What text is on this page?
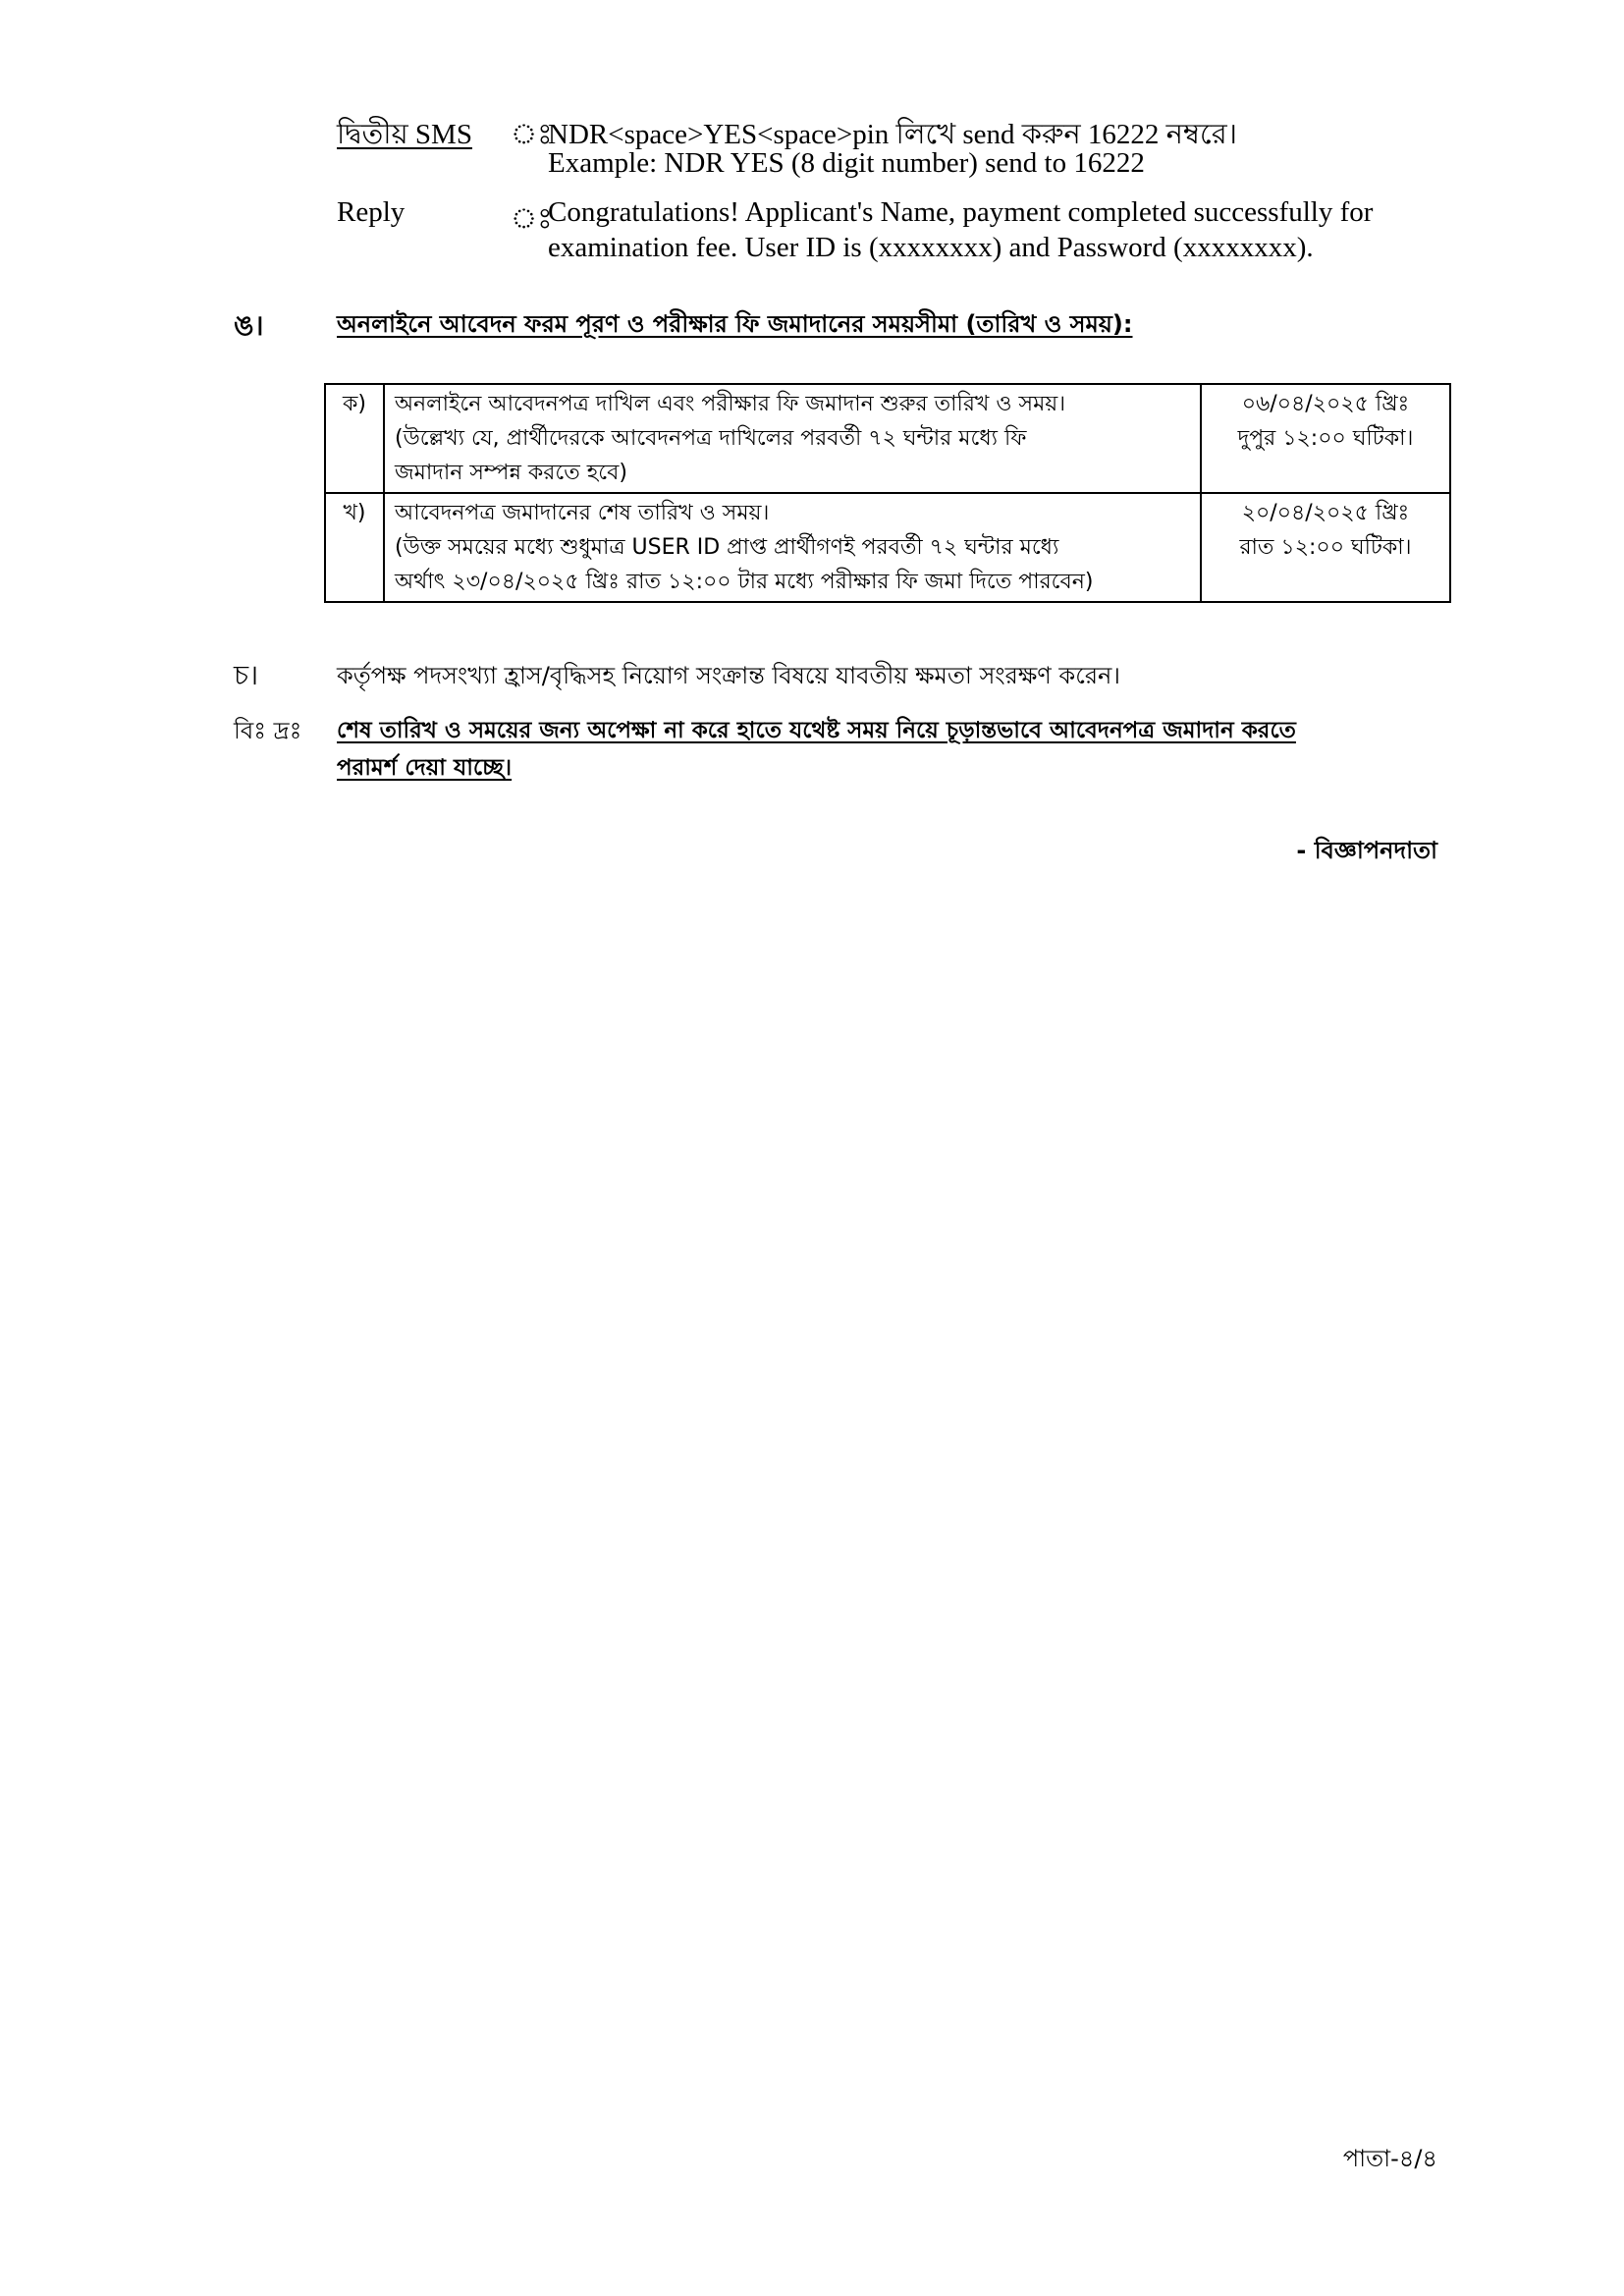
দ্বিতীয় SMS ঃ
NDR<space>YES<space>pin লিখে send করুন 16222 নম্বরে।
Example: NDR YES (8 digit number) send to 16222
Reply	ঃ
Congratulations! Applicant's Name, payment completed successfully for
examination fee. User ID is (xxxxxxxx) and Password (xxxxxxxx).
ঙ।	অনলাইনে আবেদন ফরম পূরণ ও পরীক্ষার ফি জমাদানের সময়সীমা (তারিখ ও সময়):
ক)	অনলাইনে আবেদনপত্র দাখিল এবং পরীক্ষার ফি জমাদান শুরুর তারিখ ও সময়।
(উল্লেখ্য যে, প্রার্থীদেরকে আবেদনপত্র দাখিলের পরবর্তী ৭২ ঘন্টার মধ্যে ফি
জমাদান সম্পন্ন করতে হবে)	০৬/০৪/২০২৫ খ্রিঃ
দুপুর ১২:০০ ঘটিকা।

খ)	আবেদনপত্র জমাদানের শেষ তারিখ ও সময়।
(উক্ত সময়ের মধ্যে শুধুমাত্র USER ID প্রাপ্ত প্রার্থীগণই পরবর্তী ৭২ ঘন্টার মধ্যে
অর্থাৎ ২৩/০৪/২০২৫ খ্রিঃ রাত ১২:০০ টার মধ্যে পরীক্ষার ফি জমা দিতে পারবেন)	২০/০৪/২০২৫ খ্রিঃ
রাত ১২:০০ ঘটিকা।
চ।	কর্তৃপক্ষ পদসংখ্যা হ্রাস/বৃদ্ধিসহ নিয়োগ সংক্রান্ত বিষয়ে যাবতীয় ক্ষমতা সংরক্ষণ করেন।
বিঃ দ্রঃ শেষ তারিখ ও সময়ের জন্য অপেক্ষা না করে হাতে যথেষ্ট সময় নিয়ে চূড়ান্তভাবে আবেদনপত্র জমাদান করতে
পরামর্শ দেয়া যাচ্ছে।
- বিজ্ঞাপনদাতা
পাতা-৪/৪
